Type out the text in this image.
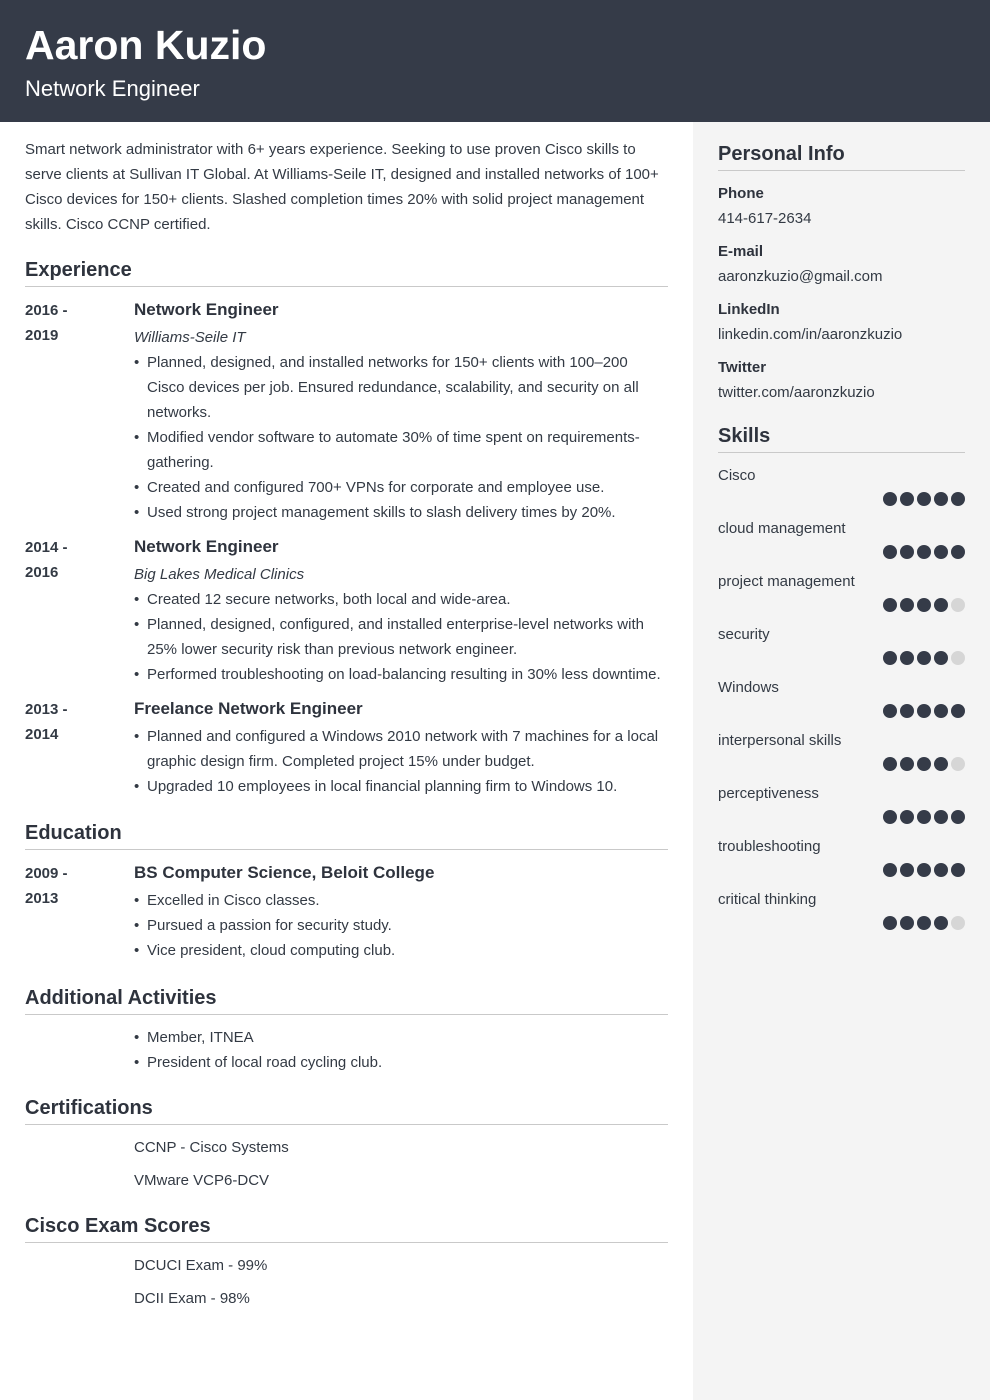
Aaron Kuzio
Network Engineer

Smart network administrator with 6+ years experience. Seeking to use proven Cisco skills to serve clients at Sullivan IT Global. At Williams-Seile IT, designed and installed networks of 100+ Cisco devices for 150+ clients. Slashed completion times 20% with solid project management skills. Cisco CCNP certified.

Experience
2016 -
2019
Network Engineer
Williams-Seile IT
• Planned, designed, and installed networks for 150+ clients with 100–200 Cisco devices per job. Ensured redundance, scalability, and security on all networks.
• Modified vendor software to automate 30% of time spent on requirements-gathering.
• Created and configured 700+ VPNs for corporate and employee use.
• Used strong project management skills to slash delivery times by 20%.
2014 -
2016
Network Engineer
Big Lakes Medical Clinics
• Created 12 secure networks, both local and wide-area.
• Planned, designed, configured, and installed enterprise-level networks with 25% lower security risk than previous network engineer.
• Performed troubleshooting on load-balancing resulting in 30% less downtime.
2013 -
2014
Freelance Network Engineer
• Planned and configured a Windows 2010 network with 7 machines for a local graphic design firm. Completed project 15% under budget.
• Upgraded 10 employees in local financial planning firm to Windows 10.
Education
2009 -
2013
BS Computer Science, Beloit College
• Excelled in Cisco classes.
• Pursued a passion for security study.
• Vice president, cloud computing club.
Additional Activities
• Member, ITNEA
• President of local road cycling club.
Certifications
CCNP - Cisco Systems
VMware VCP6-DCV
Cisco Exam Scores
DCUCI Exam - 99%
DCII Exam - 98%
Personal Info
Phone
414-617-2634
E-mail
aaronzkuzio@gmail.com
LinkedIn
linkedin.com/in/aaronzkuzio
Twitter
twitter.com/aaronzkuzio
Skills
Cisco
cloud management
project management
security
Windows
interpersonal skills
perceptiveness
troubleshooting
critical thinking
